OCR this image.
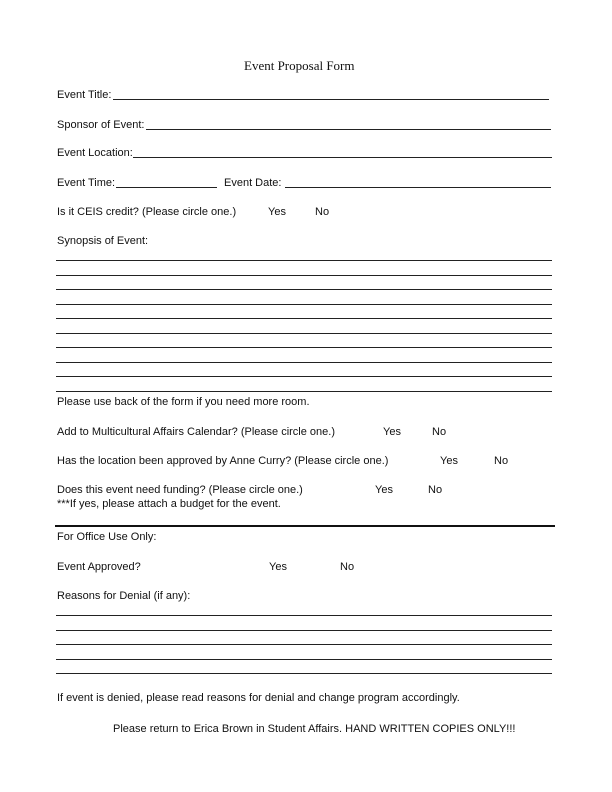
Event Proposal Form
Event Title:
Sponsor of Event:
Event Location:
Event Time:	Event Date:
Is it CEIS credit? (Please circle one.)	Yes	No
Synopsis of Event:
Please use back of the form if you need more room.
Add to Multicultural Affairs Calendar? (Please circle one.)	Yes	No
Has the location been approved by Anne Curry? (Please circle one.)	Yes	No
Does this event need funding? (Please circle one.)	Yes	No
***If yes, please attach a budget for the event.
For Office Use Only:
Event Approved?	Yes	No
Reasons for Denial (if any):
If event is denied, please read reasons for denial and change program accordingly.
Please return to Erica Brown in Student Affairs. HAND WRITTEN COPIES ONLY!!!
